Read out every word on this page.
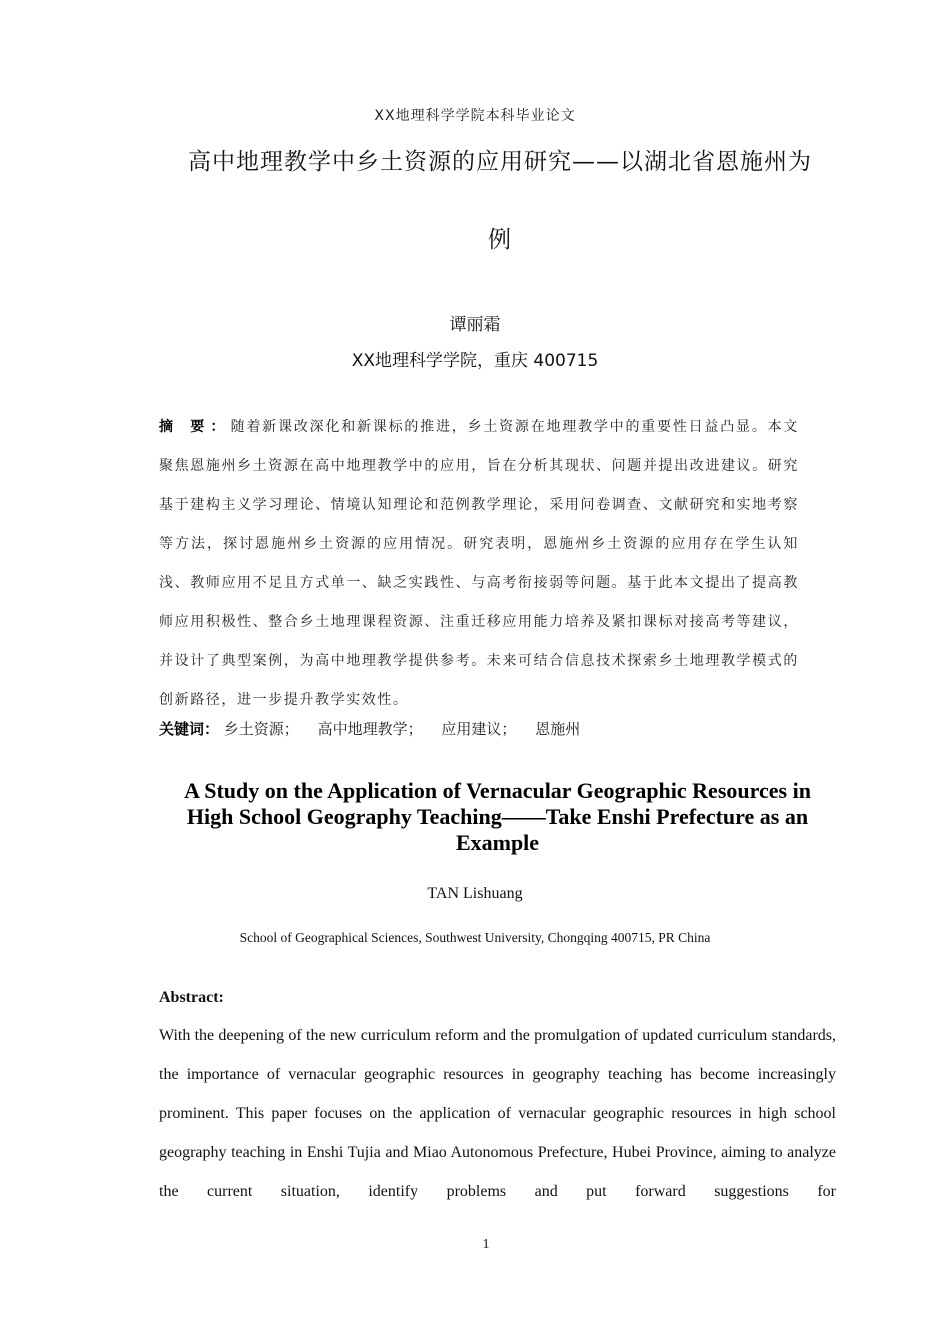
XX地理科学学院本科毕业论文
高中地理教学中乡土资源的应用研究——以湖北省恩施州为
例
谭丽霜
XX地理科学学院，重庆 400715
摘 要：随着新课改深化和新课标的推进，乡土资源在地理教学中的重要性日益凸显。本文聚焦恩施州乡土资源在高中地理教学中的应用，旨在分析其现状、问题并提出改进建议。研究基于建构主义学习理论、情境认知理论和范例教学理论，采用问卷调查、文献研究和实地考察等方法，探讨恩施州乡土资源的应用情况。研究表明，恩施州乡土资源的应用存在学生认知浅、教师应用不足且方式单一、缺乏实践性、与高考衔接弱等问题。基于此本文提出了提高教师应用积极性、整合乡土地理课程资源、注重迁移应用能力培养及紧扣课标对接高考等建议，并设计了典型案例，为高中地理教学提供参考。未来可结合信息技术探索乡土地理教学模式的创新路径，进一步提升教学实效性。
关键词： 乡土资源； 高中地理教学； 应用建议； 恩施州
A Study on the Application of Vernacular Geographic Resources in High School Geography Teaching——Take Enshi Prefecture as an Example
TAN Lishuang
School of Geographical Sciences, Southwest University, Chongqing 400715, PR China
Abstract:
With the deepening of the new curriculum reform and the promulgation of updated curriculum standards, the importance of vernacular geographic resources in geography teaching has become increasingly prominent. This paper focuses on the application of vernacular geographic resources in high school geography teaching in Enshi Tujia and Miao Autonomous Prefecture, Hubei Province, aiming to analyze the current situation, identify problems and put forward suggestions for
1
